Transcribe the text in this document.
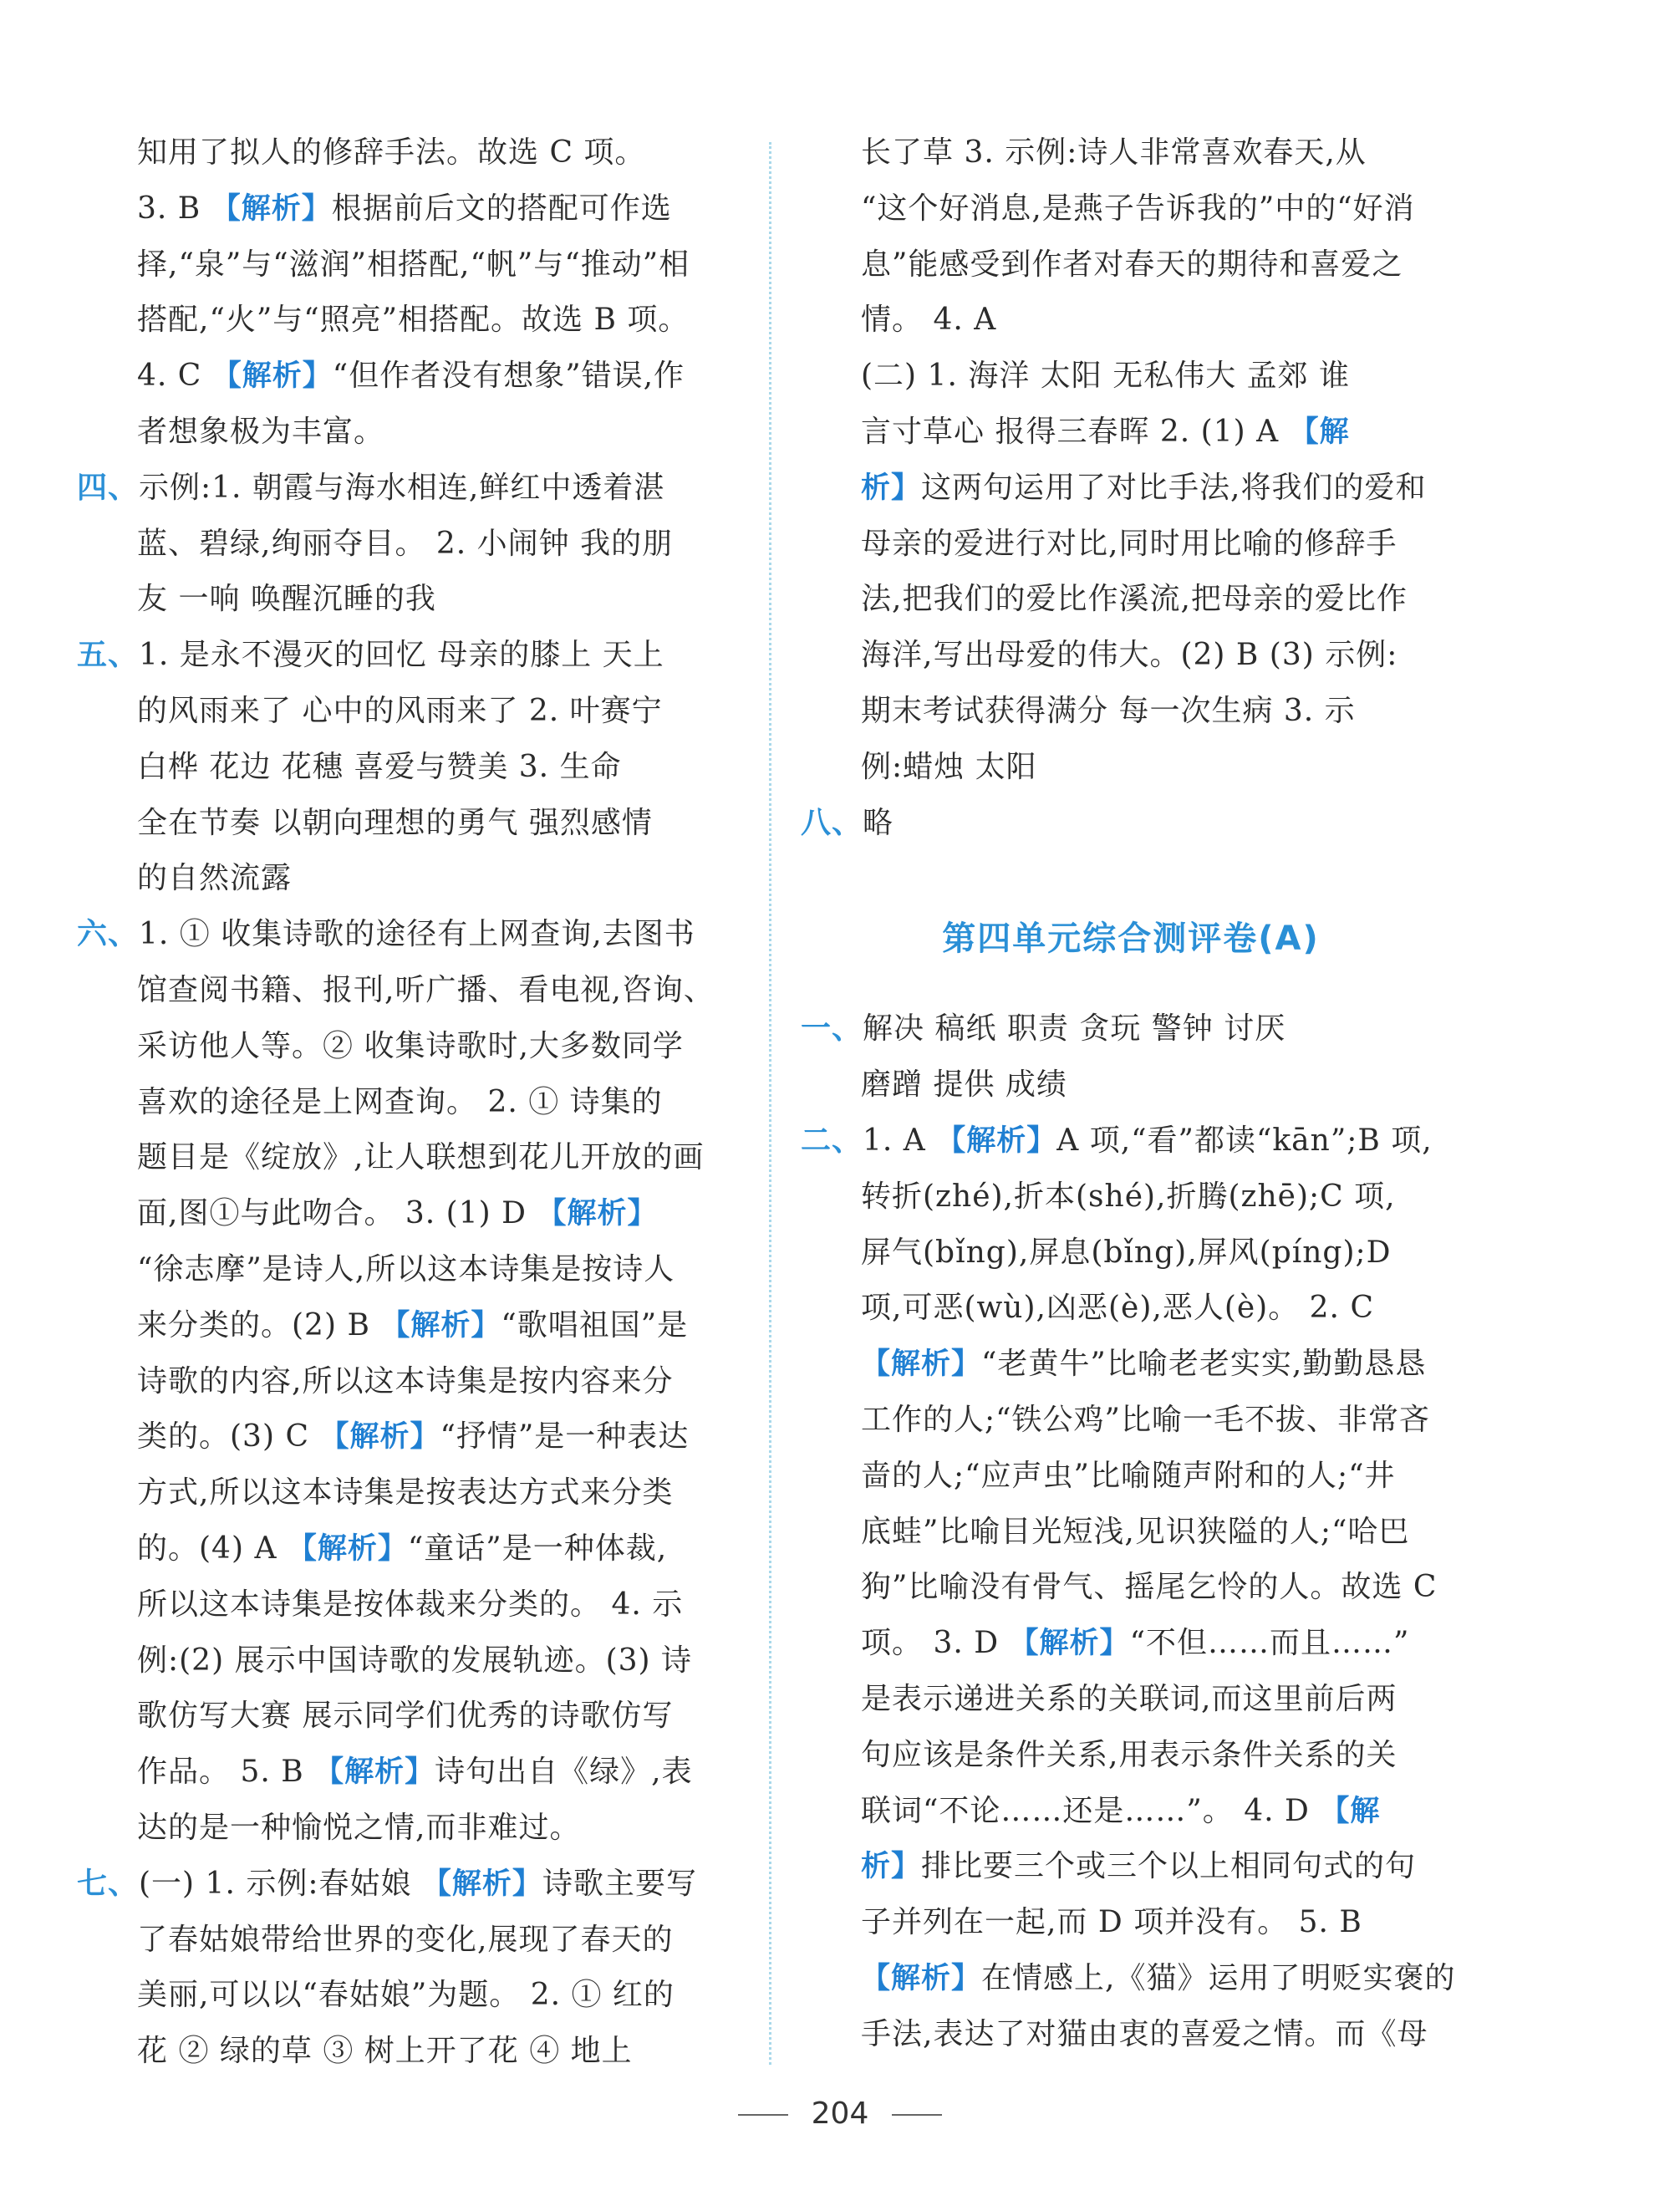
知用了拟人的修辞手法。故选 C 项。
3. B 【解析】根据前后文的搭配可作选
择,“泉”与“滋润”相搭配,“帆”与“推动”相
搭配,“火”与“照亮”相搭配。故选 B 项。
4. C 【解析】“但作者没有想象”错误,作
者想象极为丰富。
四、示例:1. 朝霞与海水相连,鲜红中透着湛
蓝、碧绿,绚丽夺目。 2. 小闹钟 我的朋
友 一响 唤醒沉睡的我
五、1. 是永不漫灭的回忆 母亲的膝上 天上
的风雨来了 心中的风雨来了 2. 叶赛宁
白桦 花边 花穗 喜爱与赞美 3. 生命
全在节奏 以朝向理想的勇气 强烈感情
的自然流露
六、1. ① 收集诗歌的途径有上网查询,去图书
馆查阅书籍、报刊,听广播、看电视,咨询、
采访他人等。② 收集诗歌时,大多数同学
喜欢的途径是上网查询。 2. ① 诗集的
题目是《绽放》,让人联想到花儿开放的画
面,图①与此吻合。 3. (1) D 【解析】
“徐志摩”是诗人,所以这本诗集是按诗人
来分类的。(2) B 【解析】“歌唱祖国”是
诗歌的内容,所以这本诗集是按内容来分
类的。(3) C 【解析】“抒情”是一种表达
方式,所以这本诗集是按表达方式来分类
的。(4) A 【解析】“童话”是一种体裁,
所以这本诗集是按体裁来分类的。 4. 示
例:(2) 展示中国诗歌的发展轨迹。(3) 诗
歌仿写大赛 展示同学们优秀的诗歌仿写
作品。 5. B 【解析】诗句出自《绿》,表
达的是一种愉悦之情,而非难过。
七、(一) 1. 示例:春姑娘 【解析】诗歌主要写
了春姑娘带给世界的变化,展现了春天的
美丽,可以以“春姑娘”为题。 2. ① 红的
花 ② 绿的草 ③ 树上开了花 ④ 地上
长了草 3. 示例:诗人非常喜欢春天,从
“这个好消息,是燕子告诉我的”中的“好消
息”能感受到作者对春天的期待和喜爱之
情。 4. A
(二) 1. 海洋 太阳 无私伟大 孟郊 谁
言寸草心 报得三春晖 2. (1) A 【解
析】这两句运用了对比手法,将我们的爱和
母亲的爱进行对比,同时用比喻的修辞手
法,把我们的爱比作溪流,把母亲的爱比作
海洋,写出母爱的伟大。(2) B (3) 示例:
期末考试获得满分 每一次生病 3. 示
例:蜡烛 太阳
八、略
第四单元综合测评卷(A)
一、解决 稿纸 职责 贪玩 警钟 讨厌
磨蹭 提供 成绩
二、1. A 【解析】A 项,“看”都读“kān”;B 项,
转折(zhé),折本(shé),折腾(zhē);C 项,
屏气(bǐng),屏息(bǐng),屏风(píng);D
项,可恶(wù),凶恶(è),恶人(è)。 2. C
【解析】“老黄牛”比喻老老实实,勤勤恳恳
工作的人;“铁公鸡”比喻一毛不拔、非常吝
啬的人;“应声虫”比喻随声附和的人;“井
底蛙”比喻目光短浅,见识狭隘的人;“哈巴
狗”比喻没有骨气、摇尾乞怜的人。故选 C
项。 3. D 【解析】“不但……而且……”
是表示递进关系的关联词,而这里前后两
句应该是条件关系,用表示条件关系的关
联词“不论……还是……”。 4. D 【解
析】排比要三个或三个以上相同句式的句
子并列在一起,而 D 项并没有。 5. B
【解析】在情感上,《猫》运用了明贬实褒的
手法,表达了对猫由衷的喜爱之情。而《母
204
